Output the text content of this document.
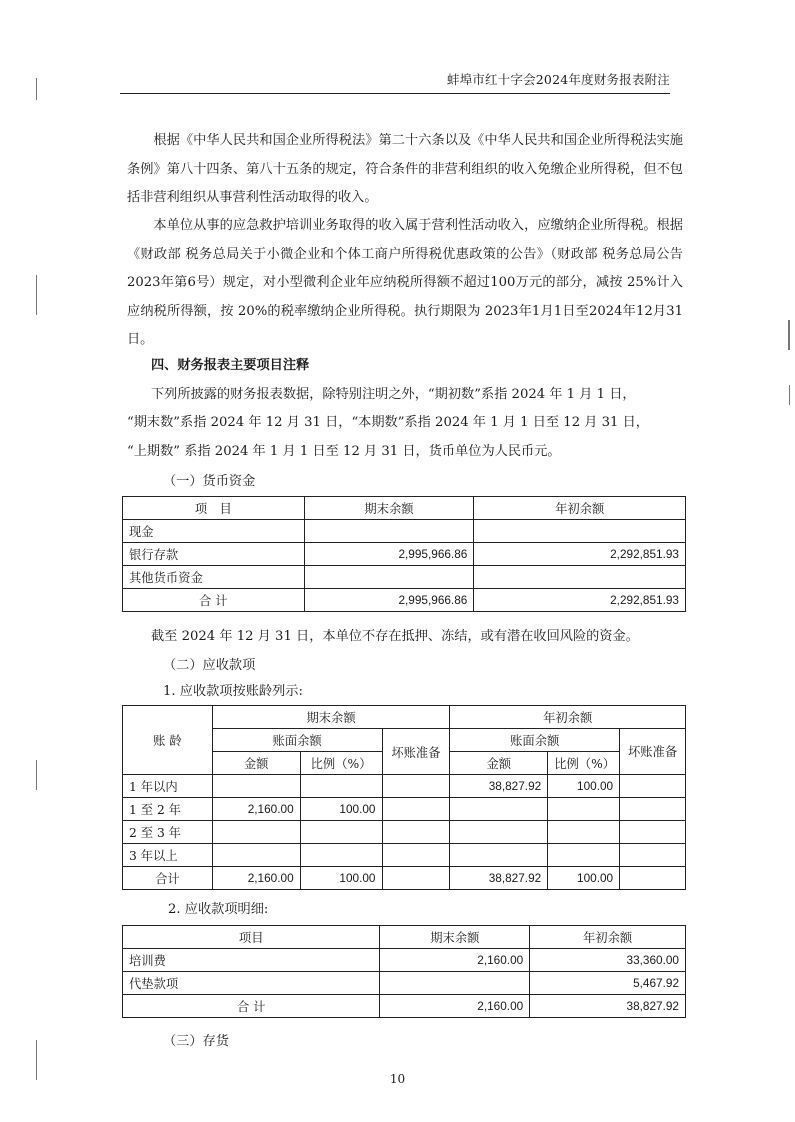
蚌埠市红十字会2024年度财务报表附注
根据《中华人民共和国企业所得税法》第二十六条以及《中华人民共和国企业所得税法实施条例》第八十四条、第八十五条的规定，符合条件的非营利组织的收入免缴企业所得税，但不包括非营利组织从事营利性活动取得的收入。
本单位从事的应急救护培训业务取得的收入属于营利性活动收入，应缴纳企业所得税。根据《财政部 税务总局关于小微企业和个体工商户所得税优惠政策的公告》（财政部 税务总局公告2023年第6号）规定，对小型微利企业年应纳税所得额不超过100万元的部分，减按 25%计入应纳税所得额，按 20%的税率缴纳企业所得税。执行期限为 2023年1月1日至2024年12月31日。
四、财务报表主要项目注释
下列所披露的财务报表数据，除特别注明之外，“期初数”系指 2024 年 1 月 1 日，
“期末数”系指 2024 年 12 月 31 日，“本期数”系指 2024 年 1 月 1 日至 12 月 31 日，
“上期数” 系指 2024 年 1 月 1 日至 12 月 31 日，货币单位为人民币元。
（一）货币资金
项　目	期末余额	年初余额
现金		
银行存款	2,995,966.86	2,292,851.93
其他货币资金		
合 计	2,995,966.86	2,292,851.93
截至 2024 年 12 月 31 日，本单位不存在抵押、冻结，或有潜在收回风险的资金。
（二）应收款项
1. 应收款项按账龄列示:
账 龄	期末余额			年初余额		
	账面余额		坏账准备	账面余额		坏账准备
	金额	比例（%）		金额	比例（%）	
1 年以内				38,827.92	100.00	
1 至 2 年	2,160.00	100.00				
2 至 3 年						
3 年以上						
合计	2,160.00	100.00		38,827.92	100.00	
2. 应收款项明细:
项目	期末余额	年初余额
培训费	2,160.00	33,360.00
代垫款项		5,467.92
合 计	2,160.00	38,827.92
（三）存货
10
